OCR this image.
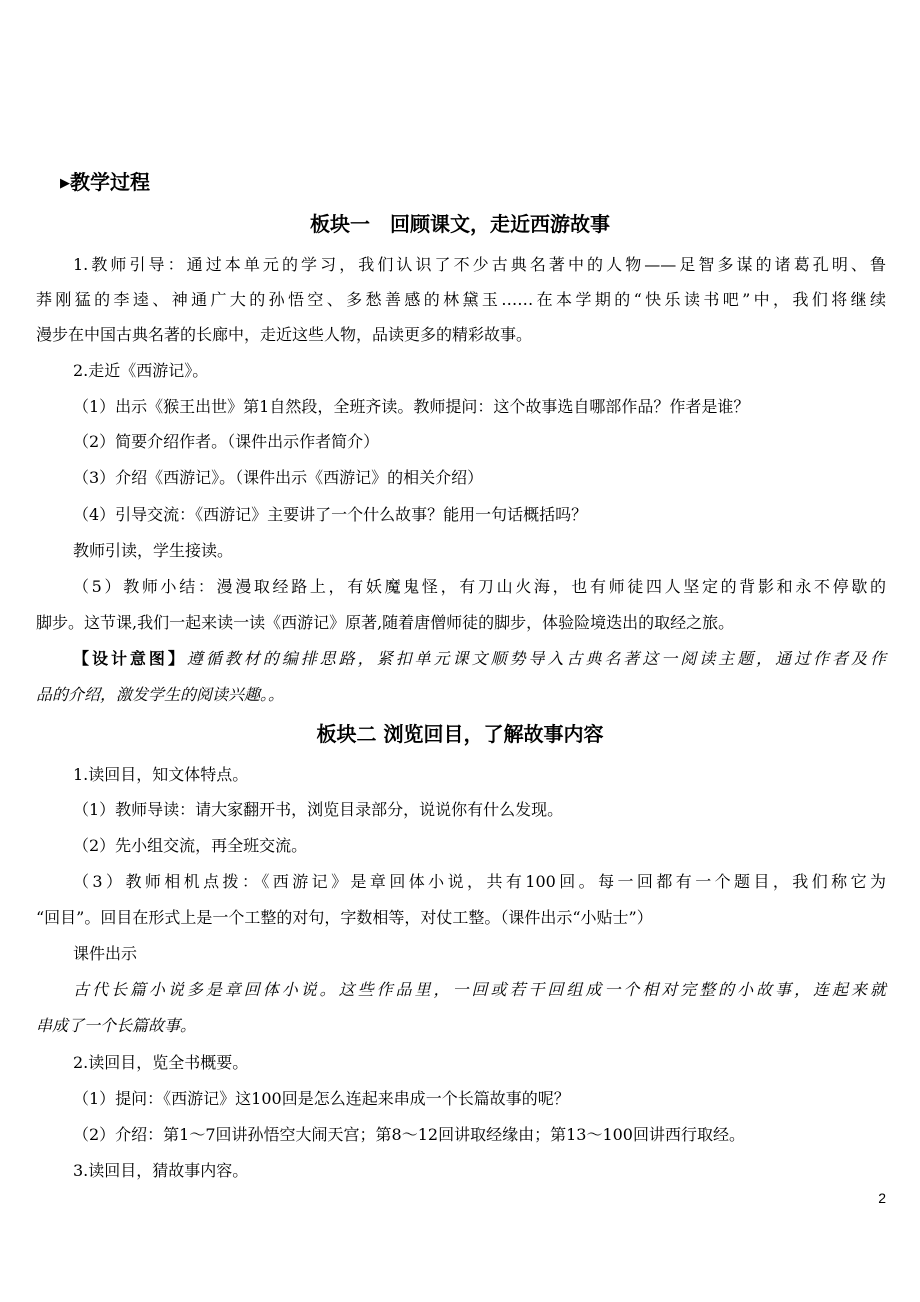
▶教学过程
板块一　回顾课文，走近西游故事
1.教师引导：通过本单元的学习，我们认识了不少古典名著中的人物——足智多谋的诸葛孔明、鲁
莽刚猛的李逵、神通广大的孙悟空、多愁善感的林黛玉……在本学期的“快乐读书吧”中，我们将继续
漫步在中国古典名著的长廊中，走近这些人物，品读更多的精彩故事。
2.走近《西游记》。
（1）出示《猴王出世》第1自然段，全班齐读。教师提问：这个故事选自哪部作品？作者是谁？
（2）简要介绍作者。（课件出示作者简介）
（3）介绍《西游记》。（课件出示《西游记》的相关介绍）
（4）引导交流：《西游记》主要讲了一个什么故事？能用一句话概括吗？
教师引读，学生接读。
（5）教师小结：漫漫取经路上，有妖魔鬼怪，有刀山火海，也有师徒四人坚定的背影和永不停歇的
脚步。这节课,我们一起来读一读《西游记》原著,随着唐僧师徒的脚步，体验险境迭出的取经之旅。
【设计意图】遵循教材的编排思路，紧扣单元课文顺势导入古典名著这一阅读主题，通过作者及作
品的介绍，激发学生的阅读兴趣。。
板块二 浏览回目，了解故事内容
1.读回目，知文体特点。
（1）教师导读：请大家翻开书，浏览目录部分，说说你有什么发现。
（2）先小组交流，再全班交流。
（3）教师相机点拨：《西游记》是章回体小说，共有100回。每一回都有一个题目，我们称它为
“回目”。回目在形式上是一个工整的对句，字数相等，对仗工整。（课件出示“小贴士”）
课件出示
古代长篇小说多是章回体小说。这些作品里，一回或若干回组成一个相对完整的小故事，连起来就
串成了一个长篇故事。
2.读回目，览全书概要。
（1）提问：《西游记》这100回是怎么连起来串成一个长篇故事的呢？
（2）介绍：第1～7回讲孙悟空大闹天宫；第8～12回讲取经缘由；第13～100回讲西行取经。
3.读回目，猜故事内容。
2
